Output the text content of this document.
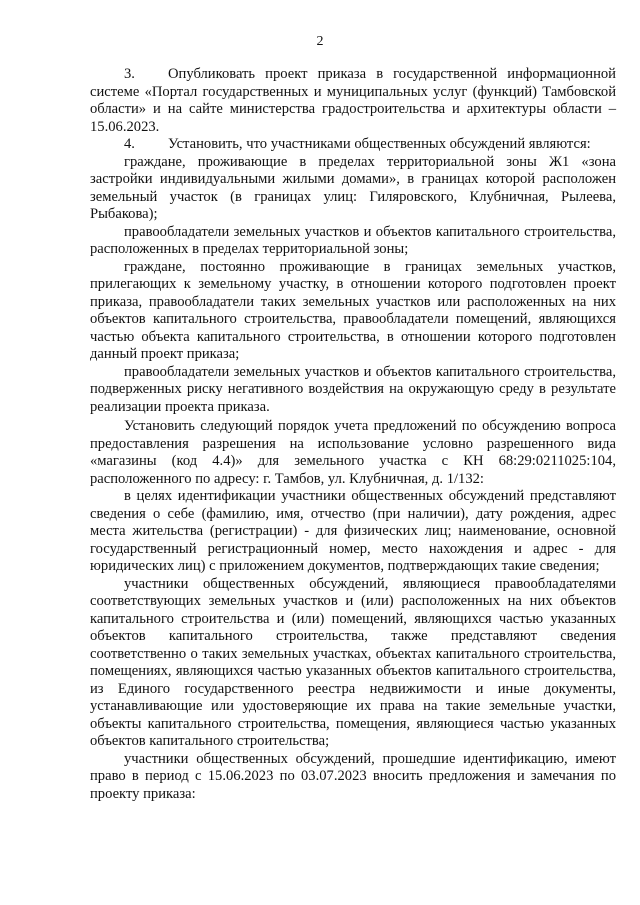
2

3. Опубликовать проект приказа в государственной информационной системе «Портал государственных и муниципальных услуг (функций) Тамбовской области» и на сайте министерства градостроительства и архитектуры области – 15.06.2023.

4. Установить, что участниками общественных обсуждений являются:

граждане, проживающие в пределах территориальной зоны Ж1 «зона застройки индивидуальными жилыми домами», в границах которой расположен земельный участок (в границах улиц: Гиляровского, Клубничная, Рылеева, Рыбакова);

правообладатели земельных участков и объектов капитального строительства, расположенных в пределах территориальной зоны;

граждане, постоянно проживающие в границах земельных участков, прилегающих к земельному участку, в отношении которого подготовлен проект приказа, правообладатели таких земельных участков или расположенных на них объектов капитального строительства, правообладатели помещений, являющихся частью объекта капитального строительства, в отношении которого подготовлен данный проект приказа;

правообладатели земельных участков и объектов капитального строительства, подверженных риску негативного воздействия на окружающую среду в результате реализации проекта приказа.

Установить следующий порядок учета предложений по обсуждению вопроса предоставления разрешения на использование условно разрешенного вида «магазины (код 4.4)» для земельного участка с КН 68:29:0211025:104, расположенного по адресу: г. Тамбов, ул. Клубничная, д. 1/132:

в целях идентификации участники общественных обсуждений представляют сведения о себе (фамилию, имя, отчество (при наличии), дату рождения, адрес места жительства (регистрации) - для физических лиц; наименование, основной государственный регистрационный номер, место нахождения и адрес - для юридических лиц) с приложением документов, подтверждающих такие сведения;

участники общественных обсуждений, являющиеся правообладателями соответствующих земельных участков и (или) расположенных на них объектов капитального строительства и (или) помещений, являющихся частью указанных объектов капитального строительства, также представляют сведения соответственно о таких земельных участках, объектах капитального строительства, помещениях, являющихся частью указанных объектов капитального строительства, из Единого государственного реестра недвижимости и иные документы, устанавливающие или удостоверяющие их права на такие земельные участки, объекты капитального строительства, помещения, являющиеся частью указанных объектов капитального строительства;

участники общественных обсуждений, прошедшие идентификацию, имеют право в период с 15.06.2023 по 03.07.2023 вносить предложения и замечания по проекту приказа:
